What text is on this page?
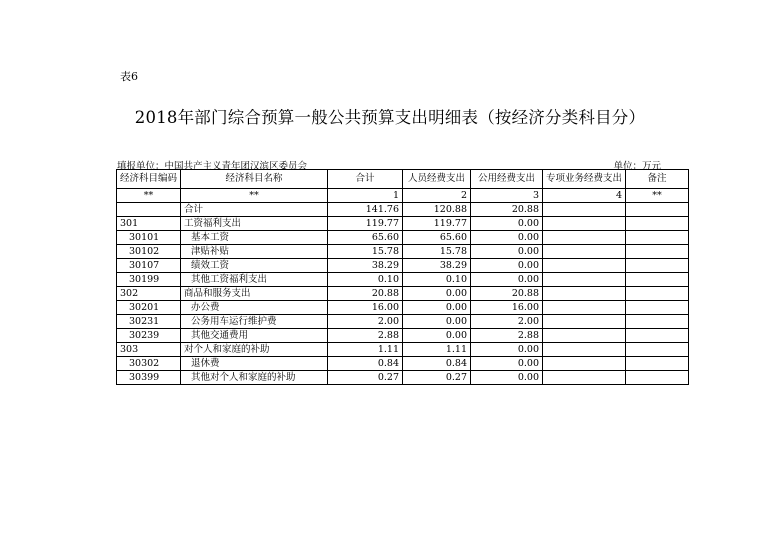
表6
2018年部门综合预算一般公共预算支出明细表（按经济分类科目分）
填报单位：中国共产主义青年团汉滨区委员会	单位：万元
经济科目编码	经济科目名称	合计	人员经费支出	公用经费支出	专项业务经费支出	备注
**	**	1	2	3	4	**
	合计	141.76	120.88	20.88		
301	工资福利支出	119.77	119.77	0.00		
30101	基本工资	65.60	65.60	0.00		
30102	津贴补贴	15.78	15.78	0.00		
30107	绩效工资	38.29	38.29	0.00		
30199	其他工资福利支出	0.10	0.10	0.00		
302	商品和服务支出	20.88	0.00	20.88		
30201	办公费	16.00	0.00	16.00		
30231	公务用车运行维护费	2.00	0.00	2.00		
30239	其他交通费用	2.88	0.00	2.88		
303	对个人和家庭的补助	1.11	1.11	0.00		
30302	退休费	0.84	0.84	0.00		
30399	其他对个人和家庭的补助	0.27	0.27	0.00		
